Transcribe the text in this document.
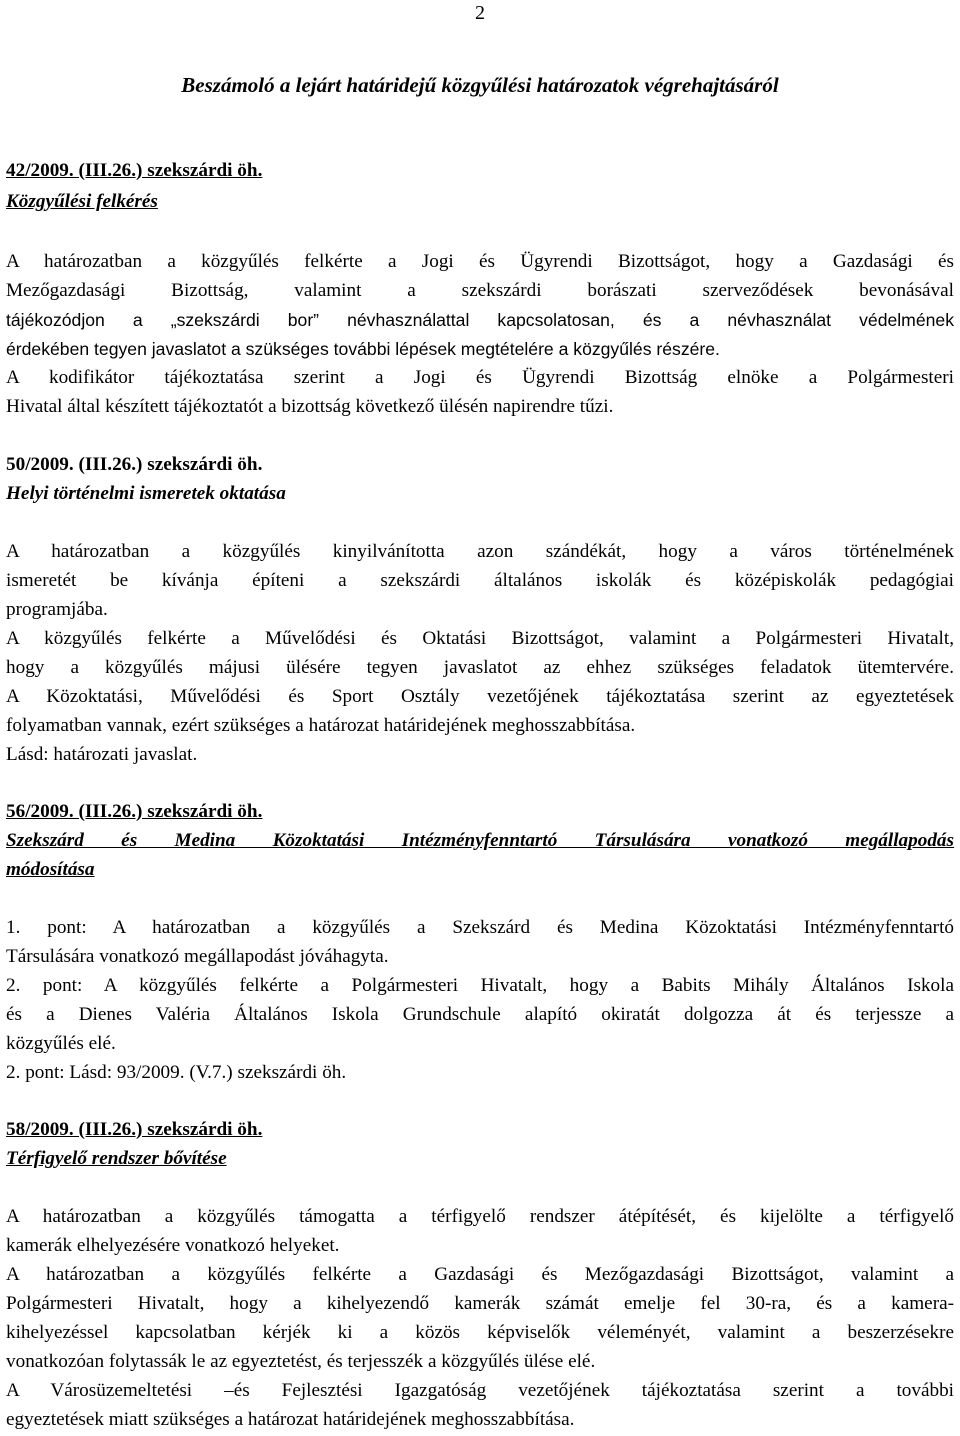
2
Beszámoló a lejárt határidejű közgyűlési határozatok végrehajtásáról
42/2009. (III.26.) szekszárdi öh.
Közgyűlési felkérés
A határozatban a közgyűlés felkérte a Jogi és Ügyrendi Bizottságot, hogy a Gazdasági és
Mezőgazdasági Bizottság, valamint a szekszárdi borászati szerveződések bevonásával
tájékozódjon a „szekszárdi bor” névhasználattal kapcsolatosan, és a névhasználat védelmének
érdekében tegyen javaslatot a szükséges további lépések megtételére a közgyűlés részére.
A kodifikátor tájékoztatása szerint a Jogi és Ügyrendi Bizottság elnöke a Polgármesteri
Hivatal által készített tájékoztatót a bizottság következő ülésén napirendre tűzi.
50/2009. (III.26.) szekszárdi öh.
Helyi történelmi ismeretek oktatása
A határozatban a közgyűlés kinyilvánította azon szándékát, hogy a város történelmének
ismeretét be kívánja építeni a szekszárdi általános iskolák és középiskolák pedagógiai
programjába.
A közgyűlés felkérte a Művelődési és Oktatási Bizottságot, valamint a Polgármesteri Hivatalt,
hogy a közgyűlés májusi ülésére tegyen javaslatot az ehhez szükséges feladatok ütemtervére.
A Közoktatási, Művelődési és Sport Osztály vezetőjének tájékoztatása szerint az egyeztetések
folyamatban vannak, ezért szükséges a határozat határidejének meghosszabbítása.
Lásd: határozati javaslat.
56/2009. (III.26.) szekszárdi öh.
Szekszárd és Medina Közoktatási Intézményfenntartó Társulására vonatkozó megállapodás
módosítása
1. pont: A határozatban a közgyűlés a Szekszárd és Medina Közoktatási Intézményfenntartó
Társulására vonatkozó megállapodást jóváhagyta.
2. pont: A közgyűlés felkérte a Polgármesteri Hivatalt, hogy a Babits Mihály Általános Iskola
és a Dienes Valéria Általános Iskola Grundschule alapító okiratát dolgozza át és terjessze a
közgyűlés elé.
2. pont: Lásd: 93/2009. (V.7.) szekszárdi öh.
58/2009. (III.26.) szekszárdi öh.
Térfigyelő rendszer bővítése
A határozatban a közgyűlés támogatta a térfigyelő rendszer átépítését, és kijelölte a térfigyelő
kamerák elhelyezésére vonatkozó helyeket.
A határozatban a közgyűlés felkérte a Gazdasági és Mezőgazdasági Bizottságot, valamint a
Polgármesteri Hivatalt, hogy a kihelyezendő kamerák számát emelje fel 30-ra, és a kamera-
kihelyezéssel kapcsolatban kérjék ki a közös képviselők véleményét, valamint a beszerzésekre
vonatkozóan folytassák le az egyeztetést, és terjesszék a közgyűlés ülése elé.
A Városüzemeltetési –és Fejlesztési Igazgatóság vezetőjének tájékoztatása szerint a további
egyeztetések miatt szükséges a határozat határidejének meghosszabbítása.
